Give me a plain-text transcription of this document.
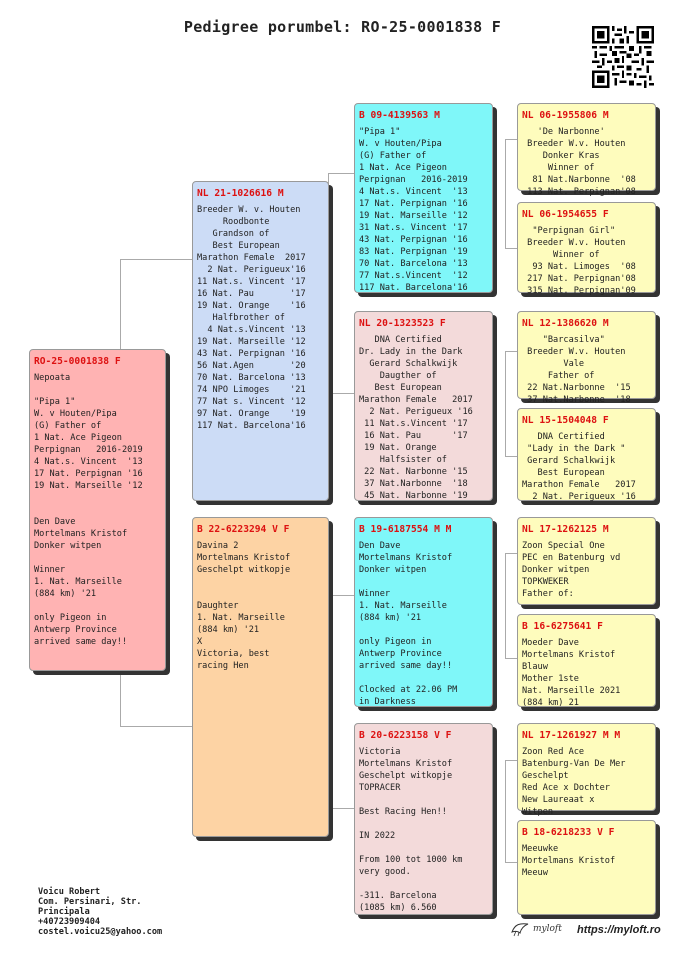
Pedigree porumbel: RO-25-0001838 F
RO-25-0001838 F
Nepoata

"Pipa 1"
W. v Houten/Pipa
(G) Father of
1 Nat. Ace Pigeon
Perpignan   2016-2019
4 Nat.s. Vincent  '13
17 Nat. Perpignan '16
19 Nat. Marseille '12

Den Dave
Mortelmans Kristof
Donker witpen

Winner
1. Nat. Marseille
(884 km) '21

only Pigeon in
Antwerp Province
arrived same day!!
NL 21-1026616 M
Breeder W. v. Houten
Roodbonte
Grandson of
Best European
Marathon Female  2017
2 Nat. Perigueux'16
11 Nat.s. Vincent '17
16 Nat. Pau       '17
19 Nat. Orange    '16
Halfbrother of
4 Nat.s.Vincent '13
19 Nat. Marseille '12
43 Nat. Perpignan '16
56 Nat.Agen       '20
70 Nat. Barcelona '13
74 NPO Limoges    '21
77 Nat s. Vincent '12
97 Nat. Orange    '19
117 Nat. Barcelona'16
B 22-6223294 V F
Davina 2
Mortelmans Kristof
Geschelpt witkopje

Daughter
1. Nat. Marseille
(884 km) '21
X
Victoria, best
racing Hen
B 09-4139563 M
"Pipa 1"
W. v Houten/Pipa
(G) Father of
1 Nat. Ace Pigeon
Perpignan   2016-2019
4 Nat.s. Vincent  '13
17 Nat. Perpignan '16
19 Nat. Marseille '12
31 Nat.s. Vincent '17
43 Nat. Perpignan '16
83 Nat. Perpignan '19
70 Nat. Barcelona '13
77 Nat.s.Vincent  '12
117 Nat. Barcelona'16
NL 20-1323523 F
DNA Certified
Dr. Lady in the Dark
Gerard Schalkwijk
Daugther of
Best European
Marathon Female   2017
2 Nat. Perigueux '16
11 Nat.s.Vincent '17
16 Nat. Pau      '17
19 Nat. Orange
Halfsister of
22 Nat. Narbonne '15
37 Nat.Narbonne  '18
45 Nat. Narbonne '19
B 19-6187554 M M
Den Dave
Mortelmans Kristof
Donker witpen

Winner
1. Nat. Marseille
(884 km) '21

only Pigeon in
Antwerp Province
arrived same day!!

Clocked at 22.06 PM
in Darkness
B 20-6223158 V F
Victoria
Mortelmans Kristof
Geschelpt witkopje
TOPRACER

Best Racing Hen!!

IN 2022

From 100 tot 1000 km
very good.

-311. Barcelona
(1085 km) 6.560
NL 06-1955806 M
'De Narbonne'
Breeder W.v. Houten
Donker Kras
Winner of
81 Nat.Narbonne  '08
113 Nat. Perpignan'08
NL 06-1954655 F
"Perpignan Girl"
Breeder W.v. Houten
Winner of
93 Nat. Limoges  '08
217 Nat. Perpignan'08
315 Nat. Perpignan'09
NL 12-1386620 M
"Barcasilva"
Breeder W.v. Houten
Vale
Father of
22 Nat.Narbonne  '15
37 Nat.Narbonne  '18
NL 15-1504048 F
DNA Certified
"Lady in the Dark "
Gerard Schalkwijk
Best European
Marathon Female   2017
2 Nat. Perigueux '16
NL 17-1262125 M
Zoon Special One
PEC en Batenburg vd
Donker witpen
TOPKWEKER
Father of:
B 16-6275641 F
Moeder Dave
Mortelmans Kristof
Blauw
Mother 1ste
Nat. Marseille 2021
(884 km) 21
NL 17-1261927 M M
Zoon Red Ace
Batenburg-Van De Mer
Geschelpt
Red Ace x Dochter
New Laureaat x
Witpen
B 18-6218233 V F
Meeuwke
Mortelmans Kristof
Meeuw
Voicu Robert
Com. Persinari, Str.
Principala
+40723909404
costel.voicu25@yahoo.com	myloft https://myloft.ro
